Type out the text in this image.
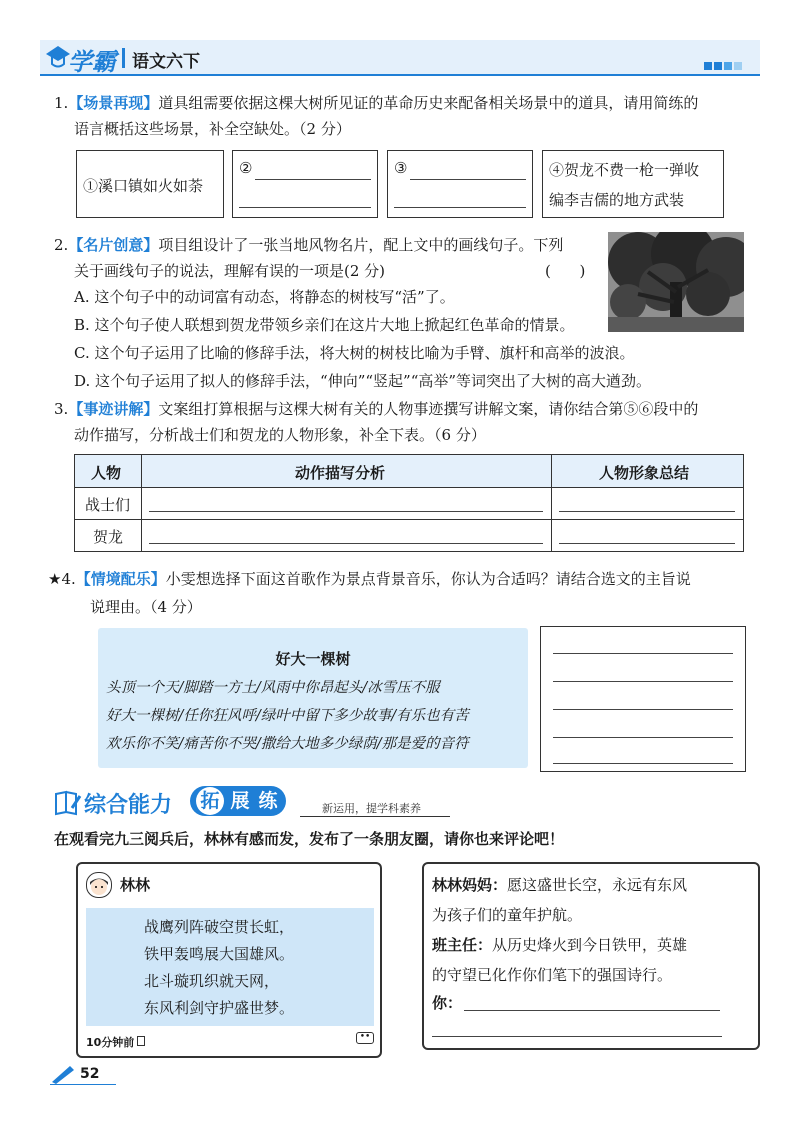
学霸 语文六下
1.【场景再现】道具组需要依据这棵大树所见证的革命历史来配备相关场景中的道具，请用简练的
语言概括这些场景，补全空缺处。（2 分）
①溪口镇如火如荼
②	③	④贺龙不费一枪一弹收
编李吉儒的地方武装
2.【名片创意】项目组设计了一张当地风物名片，配上文中的画线句子。下列
关于画线句子的说法，理解有误的一项是(2 分)	(      )
A. 这个句子中的动词富有动态，将静态的树枝写“活”了。
B. 这个句子使人联想到贺龙带领乡亲们在这片大地上掀起红色革命的情景。
C. 这个句子运用了比喻的修辞手法，将大树的树枝比喻为手臂、旗杆和高举的波浪。
D. 这个句子运用了拟人的修辞手法，“伸向”“竖起”“高举”等词突出了大树的高大遒劲。
3.【事迹讲解】文案组打算根据与这棵大树有关的人物事迹撰写讲解文案，请你结合第⑤⑥段中的
动作描写，分析战士们和贺龙的人物形象，补全下表。（6 分）
人物	动作描写分析	人物形象总结
战士们
贺龙
★4.【情境配乐】小雯想选择下面这首歌作为景点背景音乐，你认为合适吗？请结合选文的主旨说
说理由。（4 分）
好大一棵树
头顶一个天/脚踏一方土/风雨中你昂起头/冰雪压不服
好大一棵树/任你狂风呼/绿叶中留下多少故事/有乐也有苦
欢乐你不笑/痛苦你不哭/撒给大地多少绿荫/那是爱的音符
综合能力 拓 展 练	新运用，提学科素养
在观看完九三阅兵后，林林有感而发，发布了一条朋友圈，请你也来评论吧！
林林
战鹰列阵破空贯长虹，
铁甲轰鸣展大国雄风。
北斗璇玑织就天网，
东风利剑守护盛世梦。
10分钟前	••
林林妈妈：愿这盛世长空，永远有东风
为孩子们的童年护航。
班主任：从历史烽火到今日铁甲，英雄
的守望已化作你们笔下的强国诗行。
你：
52
